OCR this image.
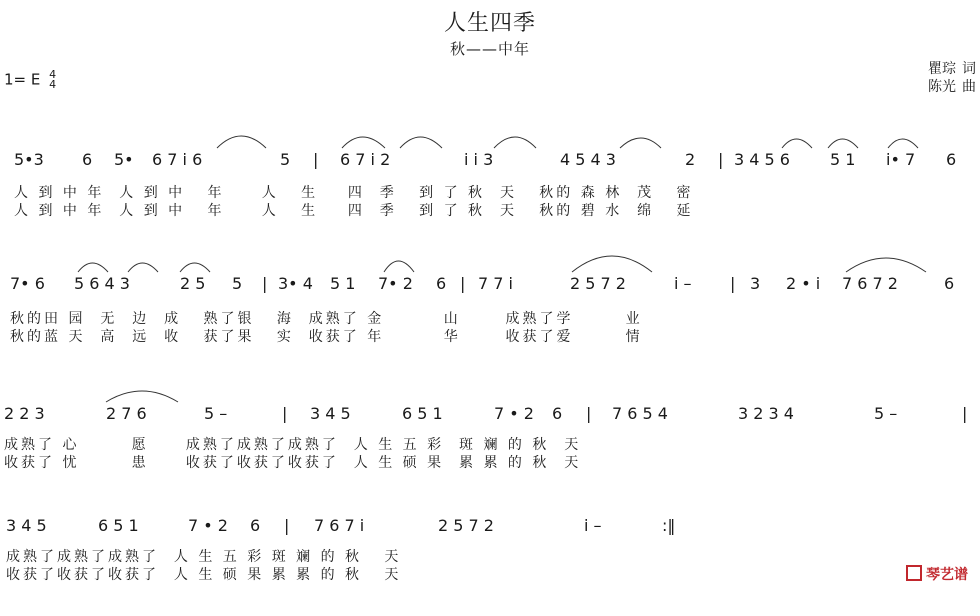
人生四季
秋——中年
1= E 4
4
瞿琮 词
陈光 曲
5•3 6 5• 6 7 i 6	5 | 6 7 i 2	i i 3	4 5 4 3	2 | 3 4 5 6	5 1 i• 7 6
人 到 中 年  人 到 中   年     人   生    四  季   到 了 秋  天   秋的 森 林  茂   密
人 到 中 年  人 到 中   年     人   生    四  季   到 了 秋  天   秋的 碧 水  绵   延
7• 6 5 6 4 3	2 5 5 | 3• 4 5 1 7• 2 6 | 7 7 i	2 5 7 2	i – | 3 2 • i 7 6 7 2	6
秋的田 园  无  边  成   熟了银   海  成熟了 金        山      成熟了学       业
秋的蓝 天  高  远  收   获了果   实  收获了 年        华      收获了爱       情
2 2 3	2 7 6	5 –	| 3 4 5	6 5 1	7 • 2 6 | 7 6 5 4	3 2 3 4	5 –	|
成熟了 心       愿     成熟了成熟了成熟了  人 生 五 彩  斑 斓 的 秋  天
收获了 忧       患     收获了收获了收获了  人 生 硕 果  累 累 的 秋  天
3 4 5	6 5 1	7 • 2 6 | 7 6 7 i	2 5 7 2	i –	:‖
成熟了成熟了成熟了  人 生 五 彩 斑 斓 的 秋   天
收获了收获了收获了  人 生 硕 果 累 累 的 秋   天	琴艺谱
